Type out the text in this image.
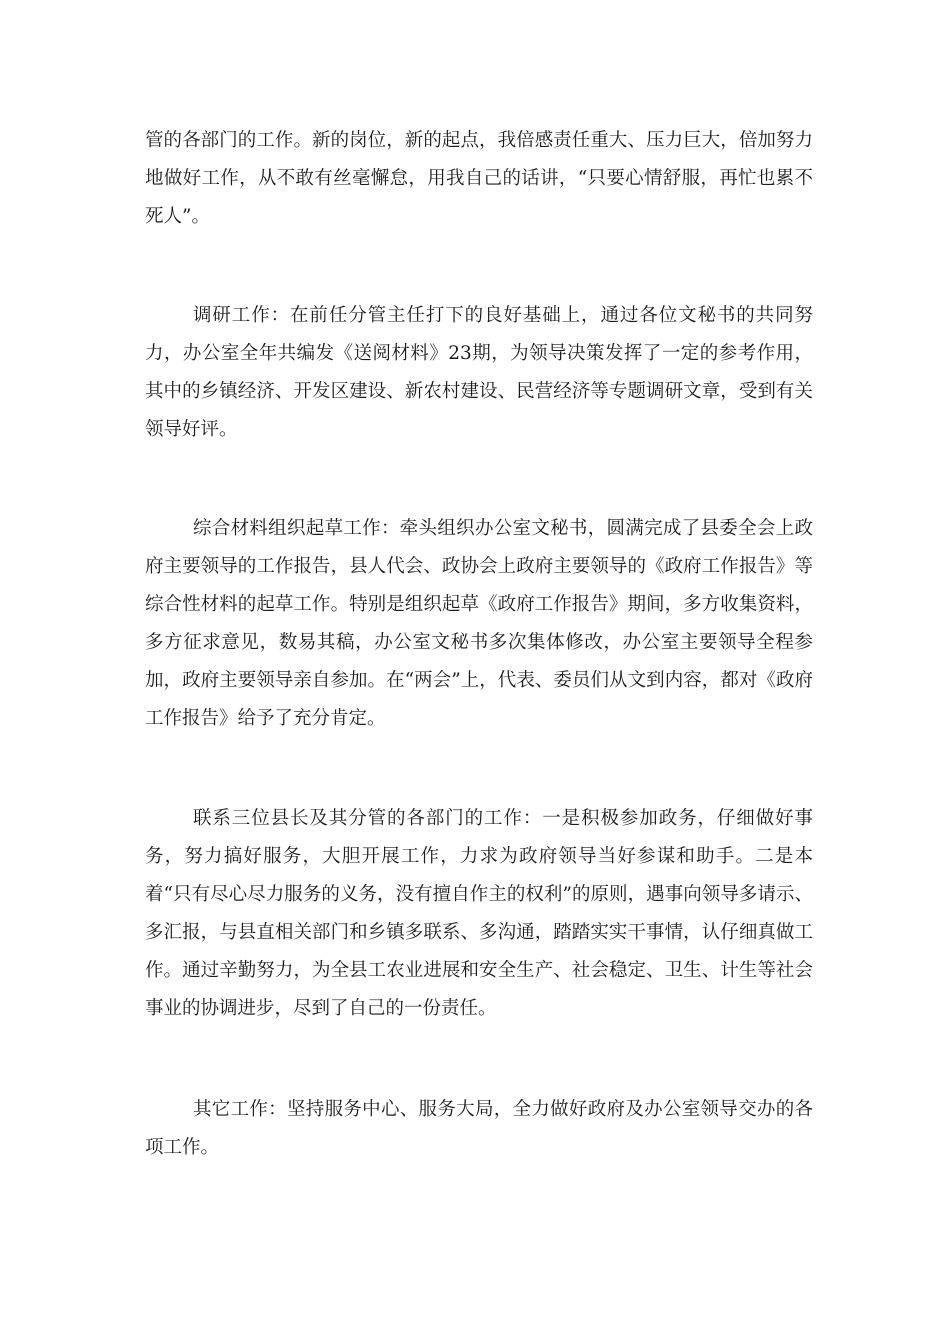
管的各部门的工作。新的岗位，新的起点，我倍感责任重大、压力巨大，倍加努力地做好工作，从不敢有丝毫懈怠，用我自己的话讲，“只要心情舒服，再忙也累不死人”。

调研工作：在前任分管主任打下的良好基础上，通过各位文秘书的共同努力，办公室全年共编发《送阅材料》23期，为领导决策发挥了一定的参考作用，其中的乡镇经济、开发区建设、新农村建设、民营经济等专题调研文章，受到有关领导好评。

综合材料组织起草工作：牵头组织办公室文秘书，圆满完成了县委全会上政府主要领导的工作报告，县人代会、政协会上政府主要领导的《政府工作报告》等综合性材料的起草工作。特别是组织起草《政府工作报告》期间，多方收集资料，多方征求意见，数易其稿，办公室文秘书多次集体修改，办公室主要领导全程参加，政府主要领导亲自参加。在“两会”上，代表、委员们从文到内容，都对《政府工作报告》给予了充分肯定。

联系三位县长及其分管的各部门的工作：一是积极参加政务，仔细做好事务，努力搞好服务，大胆开展工作，力求为政府领导当好参谋和助手。二是本着“只有尽心尽力服务的义务，没有擅自作主的权利”的原则，遇事向领导多请示、多汇报，与县直相关部门和乡镇多联系、多沟通，踏踏实实干事情，认仔细真做工作。通过辛勤努力，为全县工农业进展和安全生产、社会稳定、卫生、计生等社会事业的协调进步，尽到了自己的一份责任。

其它工作：坚持服务中心、服务大局，全力做好政府及办公室领导交办的各项工作。
